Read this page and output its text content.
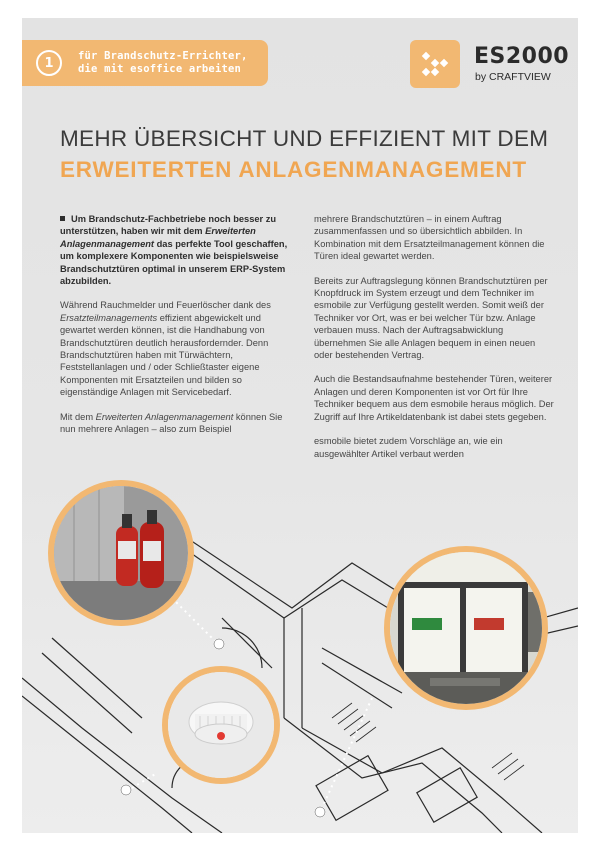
1	für Brandschutz-Errichter,
die mit esoffice arbeiten	ES2000
by CRAFTVIEW
MEHR ÜBERSICHT UND EFFIZIENT MIT DEM
ERWEITERTEN ANLAGENMANAGEMENT

Um Brandschutz-Fachbetriebe noch besser zu unterstützen, haben wir mit dem Erweiterten Anlagenmanagement das perfekte Tool geschaffen, um komplexere Komponenten wie beispielsweise Brandschutztüren optimal in unserem ERP-System abzubilden.

Während Rauchmelder und Feuerlöscher dank des Ersatzteilmanagements effizient abgewickelt und gewartet werden können, ist die Handhabung von Brandschutztüren deutlich herausfordernder. Denn Brandschutztüren haben mit Türwächtern, Feststellanlagen und / oder Schließtaster eigene Komponenten mit Ersatzteilen und bilden so eigenständige Anlagen mit Servicebedarf.

Mit dem Erweiterten Anlagenmanagement können Sie nun mehrere Anlagen – also zum Beispiel

mehrere Brandschutztüren – in einem Auftrag zusammenfassen und so übersichtlich abbilden. In Kombination mit dem Ersatzteilmanagement können die Türen ideal gewartet werden.

Bereits zur Auftragslegung können Brandschutztüren per Knopfdruck im System erzeugt und dem Techniker im esmobile zur Verfügung gestellt werden. Somit weiß der Techniker vor Ort, was er bei welcher Tür bzw. Anlage verbauen muss. Nach der Auftragsabwicklung übernehmen Sie alle Anlagen bequem in einen neuen oder bestehenden Vertrag.

Auch die Bestandsaufnahme bestehender Türen, weiterer Anlagen und deren Komponenten ist vor Ort für Ihre Techniker bequem aus dem esmobile heraus möglich. Der Zugriff auf Ihre Artikeldatenbank ist dabei stets gegeben.

esmobile bietet zudem Vorschläge an, wie ein ausgewählter Artikel verbaut werden
